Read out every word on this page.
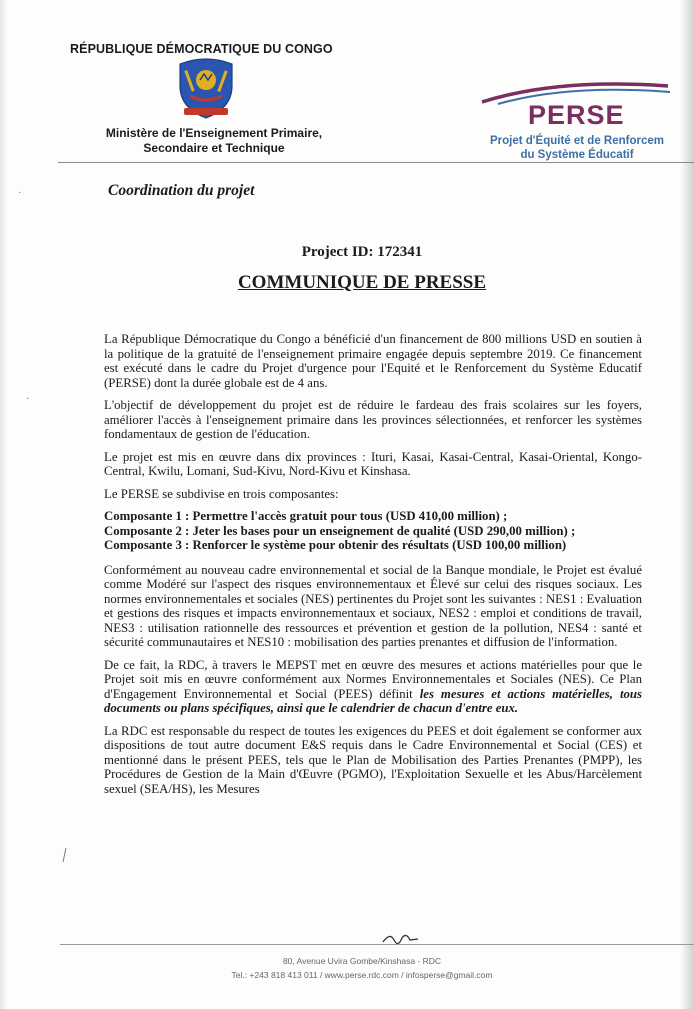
RÉPUBLIQUE DÉMOCRATIQUE DU CONGO
Ministère de l'Enseignement Primaire,
Secondaire et Technique
PERSE
Projet d'Équité et de Renforcem
du Système Éducatif
Coordination du projet
·
·
Project ID: 172341
COMMUNIQUE DE PRESSE

La République Démocratique du Congo a bénéficié d'un financement de 800 millions USD en soutien à la politique de la gratuité de l'enseignement primaire engagée depuis septembre 2019. Ce financement est exécuté dans le cadre du Projet d'urgence pour l'Equité et le Renforcement du Système Educatif (PERSE) dont la durée globale est de 4 ans.

L'objectif de développement du projet est de réduire le fardeau des frais scolaires sur les foyers, améliorer l'accès à l'enseignement primaire dans les provinces sélectionnées, et renforcer les systèmes fondamentaux de gestion de l'éducation.

Le projet est mis en œuvre dans dix provinces : Ituri, Kasai, Kasai-Central, Kasai-Oriental, Kongo-Central, Kwilu, Lomani, Sud-Kivu, Nord-Kivu et Kinshasa.

Le PERSE se subdivise en trois composantes:

Composante 1 : Permettre l'accès gratuit pour tous (USD 410,00 million) ;
Composante 2 : Jeter les bases pour un enseignement de qualité (USD 290,00 million) ;
Composante 3 : Renforcer le système pour obtenir des résultats (USD 100,00 million)

Conformément au nouveau cadre environnemental et social de la Banque mondiale, le Projet est évalué comme Modéré sur l'aspect des risques environnementaux et Élevé sur celui des risques sociaux. Les normes environnementales et sociales (NES) pertinentes du Projet sont les suivantes : NES1 : Evaluation et gestions des risques et impacts environnementaux et sociaux, NES2 : emploi et conditions de travail, NES3 : utilisation rationnelle des ressources et prévention et gestion de la pollution, NES4 : santé et sécurité communautaires et NES10 : mobilisation des parties prenantes et diffusion de l'information.

De ce fait, la RDC, à travers le MEPST met en œuvre des mesures et actions matérielles pour que le Projet soit mis en œuvre conformément aux Normes Environnementales et Sociales (NES). Ce Plan d'Engagement Environnemental et Social (PEES) définit les mesures et actions matérielles, tous documents ou plans spécifiques, ainsi que le calendrier de chacun d'entre eux.

La RDC est responsable du respect de toutes les exigences du PEES et doit également se conformer aux dispositions de tout autre document E&S requis dans le Cadre Environnemental et Social (CES) et mentionné dans le présent PEES, tels que le Plan de Mobilisation des Parties Prenantes (PMPP), les Procédures de Gestion de la Main d'Œuvre (PGMO), l'Exploitation Sexuelle et les Abus/Harcèlement sexuel (SEA/HS), les Mesures

80, Avenue Uvira Gombe/Kinshasa - RDC
Tel.: +243 818 413 011 / www.perse.rdc.com / infosperse@gmail.com
